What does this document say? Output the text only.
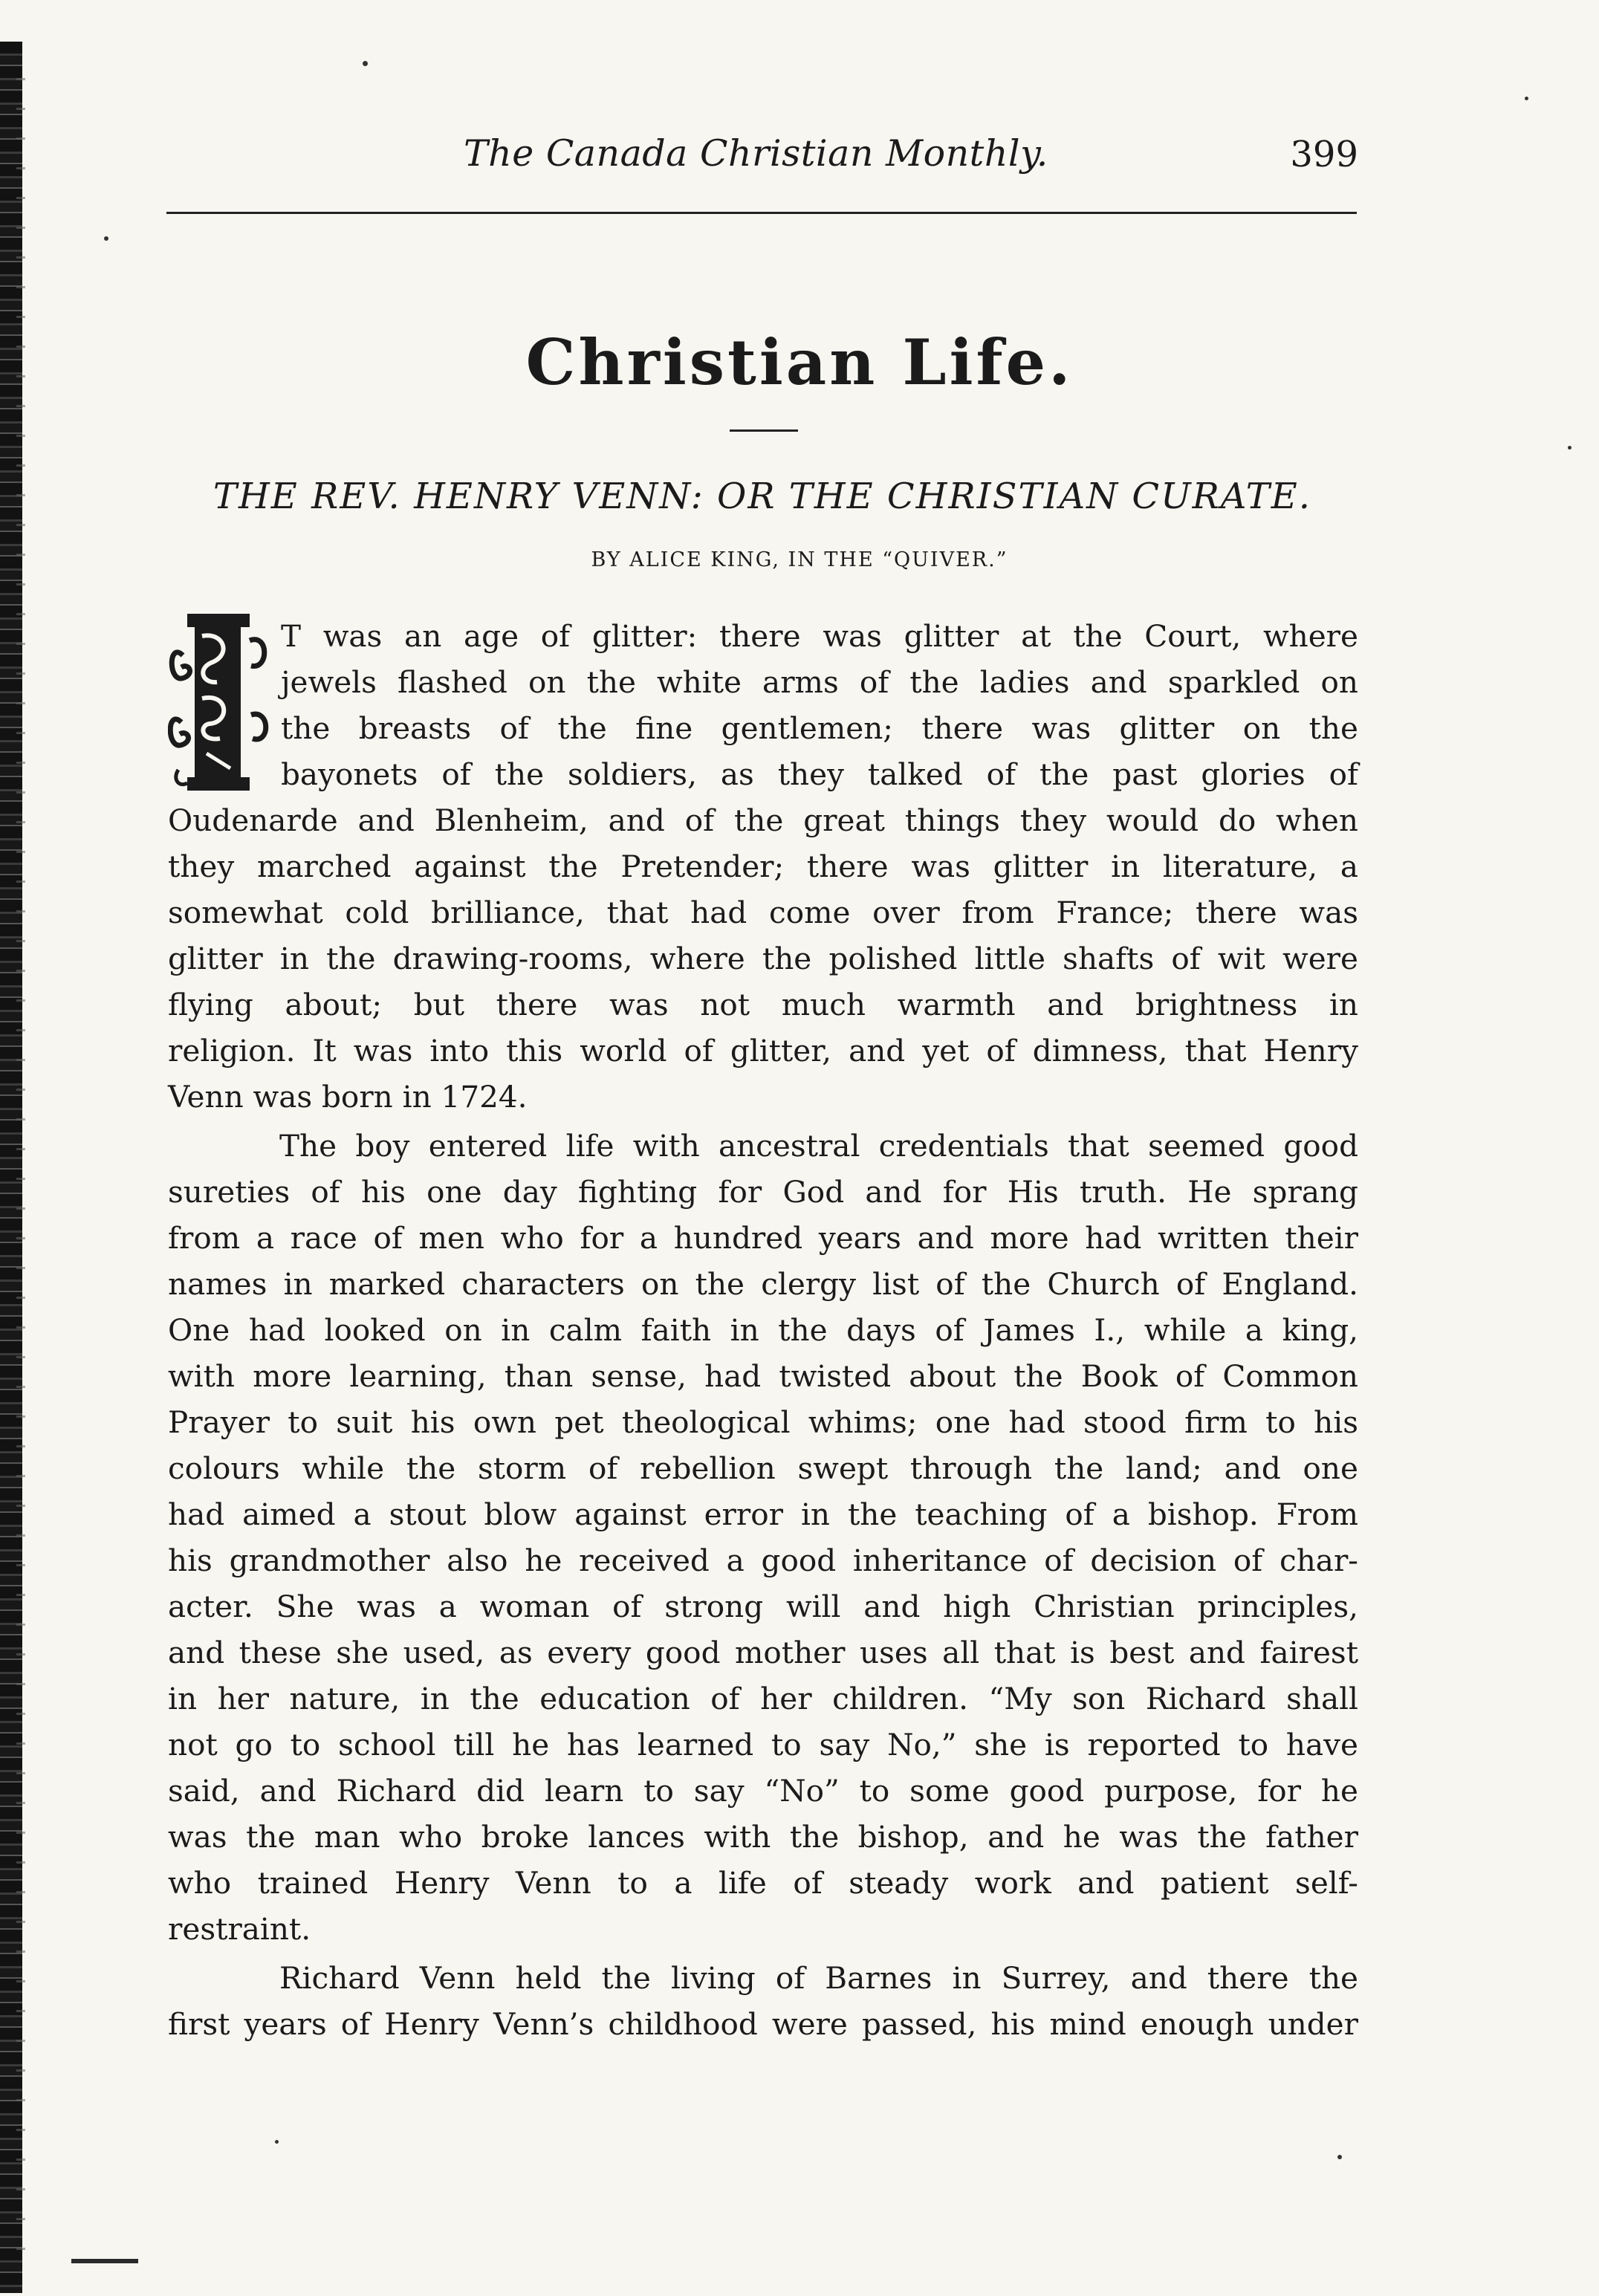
The Canada Christian Monthly.	399
Christian Life.
THE REV. HENRY VENN: OR THE CHRISTIAN CURATE.
BY ALICE KING, IN THE “QUIVER.”
T was an age of glitter: there was glitter at the Court, where
jewels flashed on the white arms of the ladies and sparkled on
the breasts of the fine gentlemen; there was glitter on the
bayonets of the soldiers, as they talked of the past glories of
Oudenarde and Blenheim, and of the great things they would do when
they marched against the Pretender; there was glitter in literature, a
somewhat cold brilliance, that had come over from France; there was
glitter in the drawing-rooms, where the polished little shafts of wit were
flying about; but there was not much warmth and brightness in
religion. It was into this world of glitter, and yet of dimness, that Henry
Venn was born in 1724.
The boy entered life with ancestral credentials that seemed good
sureties of his one day fighting for God and for His truth. He sprang
from a race of men who for a hundred years and more had written their
names in marked characters on the clergy list of the Church of England.
One had looked on in calm faith in the days of James I., while a king,
with more learning, than sense, had twisted about the Book of Common
Prayer to suit his own pet theological whims; one had stood firm to his
colours while the storm of rebellion swept through the land; and one
had aimed a stout blow against error in the teaching of a bishop. From
his grandmother also he received a good inheritance of decision of char-
acter. She was a woman of strong will and high Christian principles,
and these she used, as every good mother uses all that is best and fairest
in her nature, in the education of her children. “My son Richard shall
not go to school till he has learned to say No,” she is reported to have
said, and Richard did learn to say “No” to some good purpose, for he
was the man who broke lances with the bishop, and he was the father
who trained Henry Venn to a life of steady work and patient self-
restraint.
Richard Venn held the living of Barnes in Surrey, and there the
first years of Henry Venn’s childhood were passed, his mind enough under
